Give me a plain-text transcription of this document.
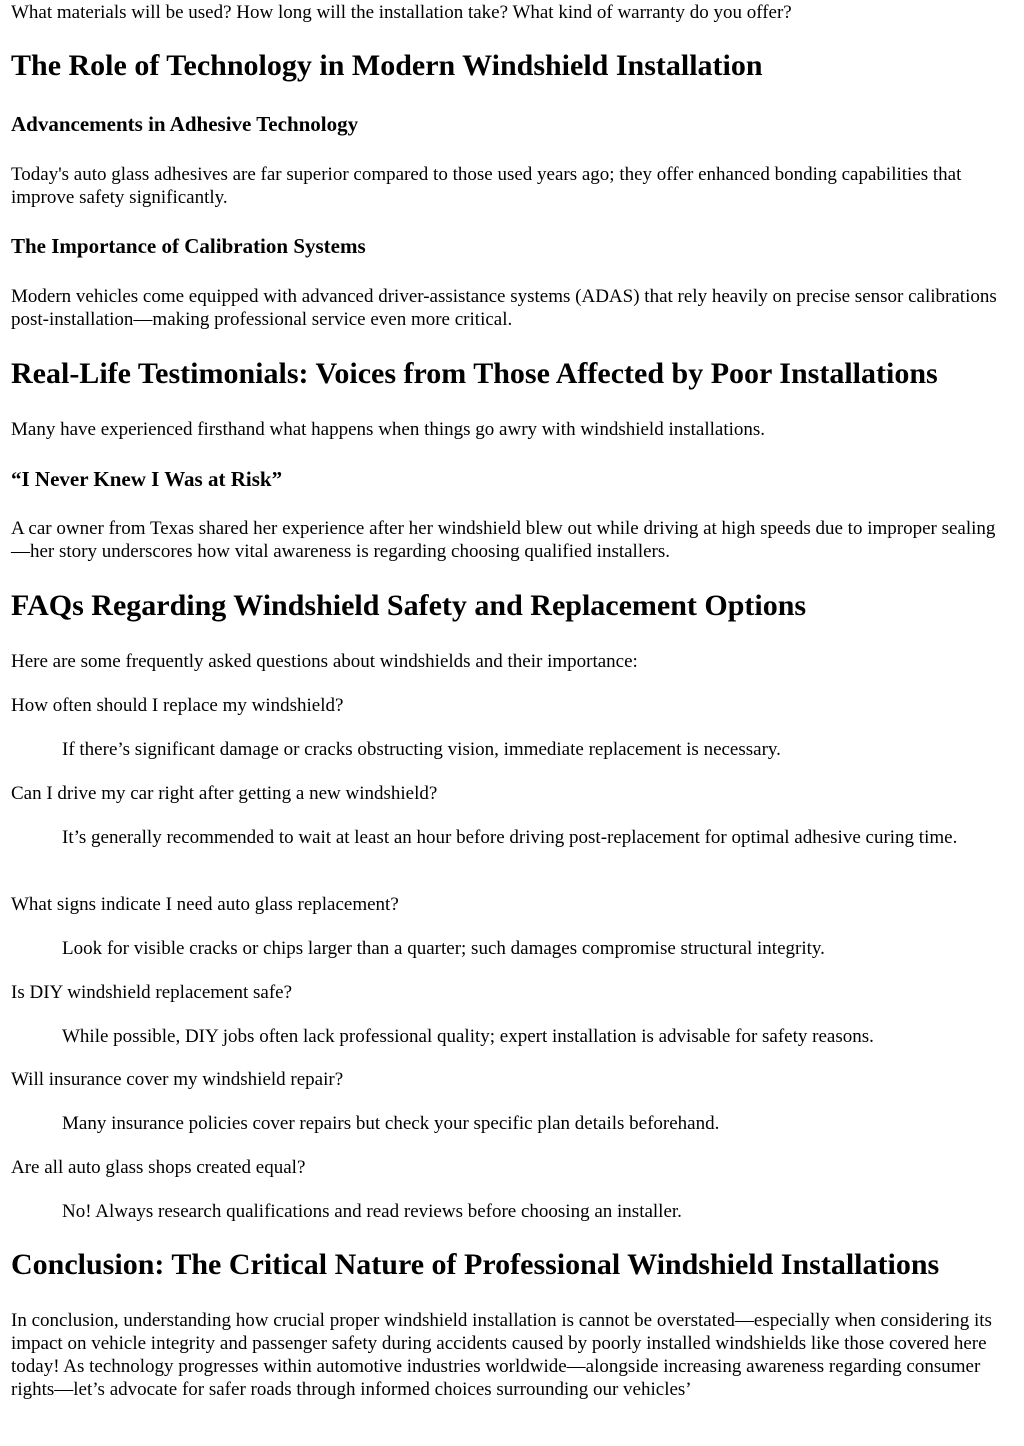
What materials will be used? How long will the installation take? What kind of warranty do you offer?

The Role of Technology in Modern Windshield Installation
Advancements in Adhesive Technology

Today's auto glass adhesives are far superior compared to those used years ago; they offer enhanced bonding capabilities that improve safety significantly.

The Importance of Calibration Systems

Modern vehicles come equipped with advanced driver-assistance systems (ADAS) that rely heavily on precise sensor calibrations post-installation—making professional service even more critical.

Real-Life Testimonials: Voices from Those Affected by Poor Installations

Many have experienced firsthand what happens when things go awry with windshield installations.

“I Never Knew I Was at Risk”

A car owner from Texas shared her experience after her windshield blew out while driving at high speeds due to improper sealing—her story underscores how vital awareness is regarding choosing qualified installers.

FAQs Regarding Windshield Safety and Replacement Options

Here are some frequently asked questions about windshields and their importance:

How often should I replace my windshield?

If there’s significant damage or cracks obstructing vision, immediate replacement is necessary.

Can I drive my car right after getting a new windshield?

It’s generally recommended to wait at least an hour before driving post-replacement for optimal adhesive curing time.

What signs indicate I need auto glass replacement?

Look for visible cracks or chips larger than a quarter; such damages compromise structural integrity.

Is DIY windshield replacement safe?

While possible, DIY jobs often lack professional quality; expert installation is advisable for safety reasons.

Will insurance cover my windshield repair?

Many insurance policies cover repairs but check your specific plan details beforehand.

Are all auto glass shops created equal?

No! Always research qualifications and read reviews before choosing an installer.

Conclusion: The Critical Nature of Professional Windshield Installations

In conclusion, understanding how crucial proper windshield installation is cannot be overstated—especially when considering its impact on vehicle integrity and passenger safety during accidents caused by poorly installed windshields like those covered here today! As technology progresses within automotive industries worldwide—alongside increasing awareness regarding consumer rights—let’s advocate for safer roads through informed choices surrounding our vehicles’
